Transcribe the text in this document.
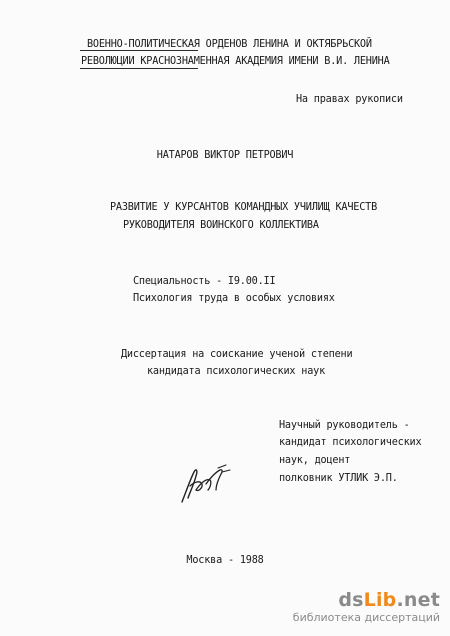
ВОЕННО-ПОЛИТИЧЕСКАЯ ОРДЕНОВ ЛЕНИНА И ОКТЯБРЬСКОЙ
РЕВОЛЮЦИИ КРАСНОЗНАМЕННАЯ АКАДЕМИЯ ИМЕНИ В.И. ЛЕНИНА
На правах рукописи
НАТАРОВ ВИКТОР ПЕТРОВИЧ
РАЗВИТИЕ У КУРСАНТОВ КОМАНДНЫХ УЧИЛИЩ КАЧЕСТВ
РУКОВОДИТЕЛЯ ВОИНСКОГО КОЛЛЕКТИВА
Специальность - I9.00.II
Психология труда в особых условиях
Диссертация на соискание ученой степени
кандидата психологических наук
Научный руководитель -
кандидат психологических
наук, доцент
полковник УТЛИК Э.П.
Москва - 1988
dsLib.net
библиотека диссертаций
